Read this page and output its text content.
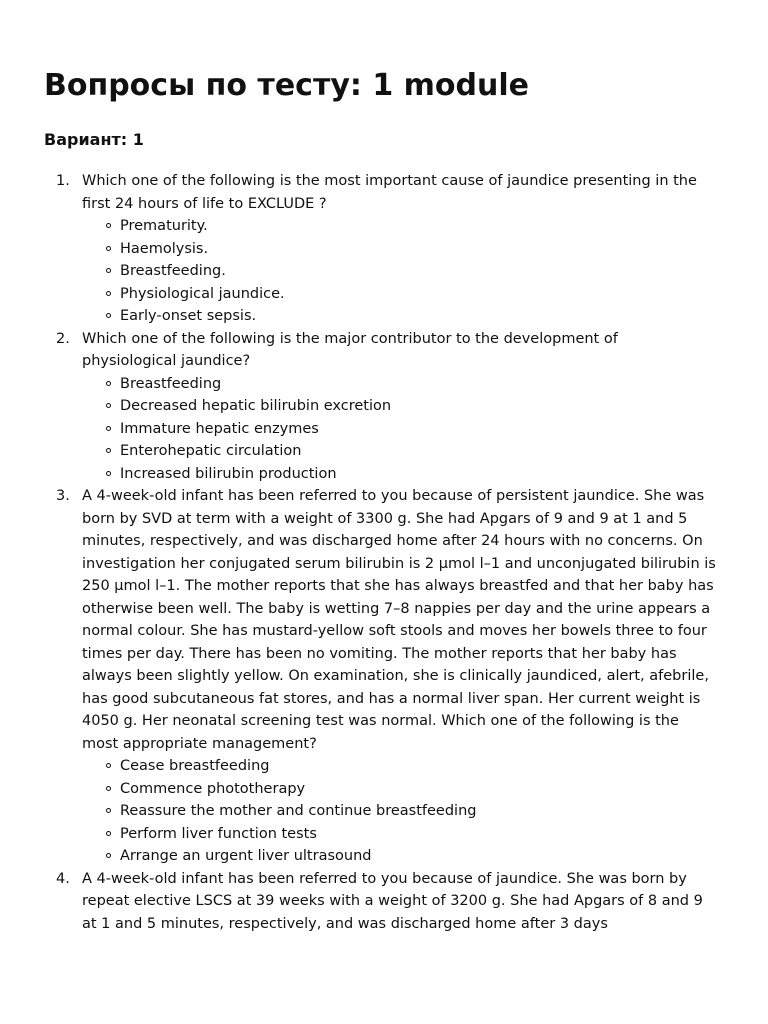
Вопросы по тесту: 1 module
Вариант: 1
1. Which one of the following is the most important cause of jaundice presenting in the first 24 hours of life to EXCLUDE ?

Prematurity.
Haemolysis.
Breastfeeding.
Physiological jaundice.
Early-onset sepsis.
2. Which one of the following is the major contributor to the development of physiological jaundice?

Breastfeeding
Decreased hepatic bilirubin excretion
Immature hepatic enzymes
Enterohepatic circulation
Increased bilirubin production
3. A 4-week-old infant has been referred to you because of persistent jaundice. She was born by SVD at term with a weight of 3300 g. She had Apgars of 9 and 9 at 1 and 5 minutes, respectively, and was discharged home after 24 hours with no concerns. On investigation her conjugated serum bilirubin is 2 μmol l–1 and unconjugated bilirubin is 250 μmol l–1. The mother reports that she has always breastfed and that her baby has otherwise been well. The baby is wetting 7–8 nappies per day and the urine appears a normal colour. She has mustard-yellow soft stools and moves her bowels three to four times per day. There has been no vomiting. The mother reports that her baby has always been slightly yellow. On examination, she is clinically jaundiced, alert, afebrile, has good subcutaneous fat stores, and has a normal liver span. Her current weight is 4050 g. Her neonatal screening test was normal. Which one of the following is the most appropriate management?

Cease breastfeeding
Commence phototherapy
Reassure the mother and continue breastfeeding
Perform liver function tests
Arrange an urgent liver ultrasound
4. A 4-week-old infant has been referred to you because of jaundice. She was born by repeat elective LSCS at 39 weeks with a weight of 3200 g. She had Apgars of 8 and 9 at 1 and 5 minutes, respectively, and was discharged home after 3 days
